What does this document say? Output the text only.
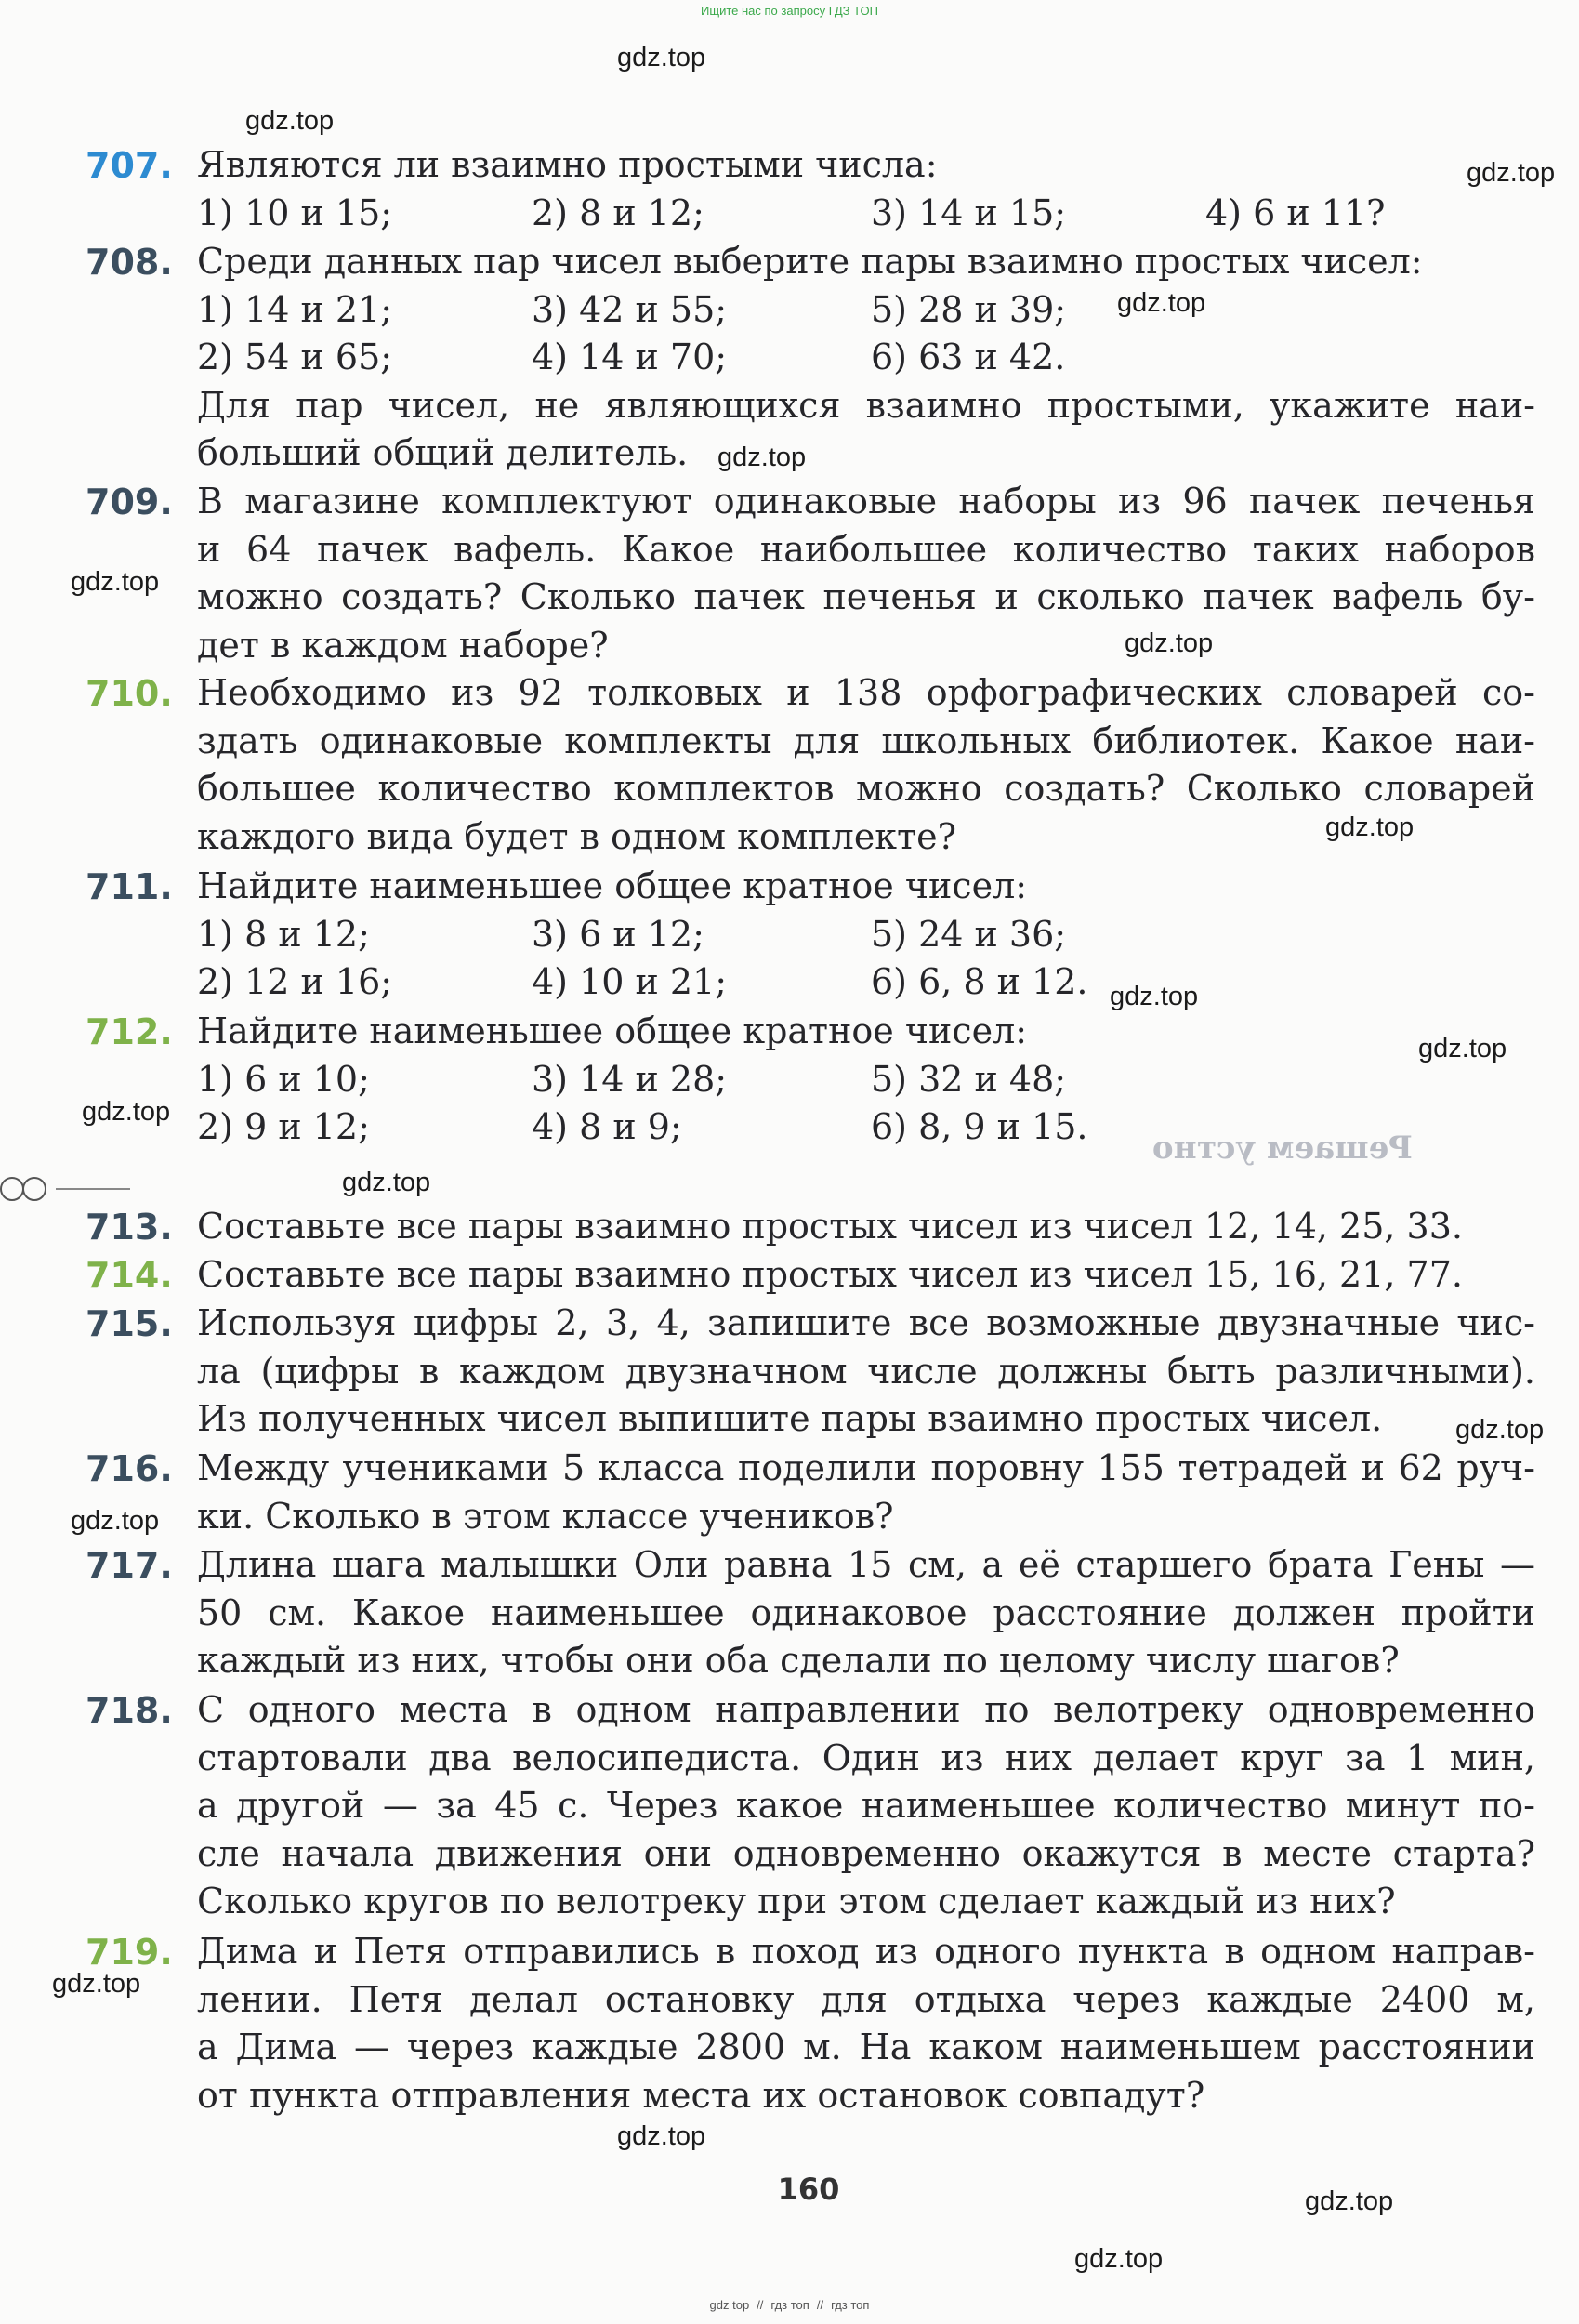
Ищите нас по запросу ГДЗ ТОП
Решаем устно
707. Являются ли взаимно простыми числа:
1) 10 и 15;	2) 8 и 12;	3) 14 и 15;	4) 6 и 11?
708. Среди данных пар чисел выберите пары взаимно простых чисел:
1) 14 и 21;	3) 42 и 55;	5) 28 и 39;
2) 54 и 65;	4) 14 и 70;	6) 63 и 42.
Для пар чисел, не являющихся взаимно простыми, укажите наи-
больший общий делитель.
709. В магазине комплектуют одинаковые наборы из 96 пачек печенья
и 64 пачек вафель. Какое наибольшее количество таких наборов
можно создать? Сколько пачек печенья и сколько пачек вафель бу-
дет в каждом наборе?
710. Необходимо из 92 толковых и 138 орфографических словарей со-
здать одинаковые комплекты для школьных библиотек. Какое наи-
большее количество комплектов можно создать? Сколько словарей
каждого вида будет в одном комплекте?
711. Найдите наименьшее общее кратное чисел:
1) 8 и 12;	3) 6 и 12;	5) 24 и 36;
2) 12 и 16;	4) 10 и 21;	6) 6, 8 и 12.
712. Найдите наименьшее общее кратное чисел:
1) 6 и 10;	3) 14 и 28;	5) 32 и 48;
2) 9 и 12;	4) 8 и 9;	6) 8, 9 и 15.
713. Составьте все пары взаимно простых чисел из чисел 12, 14, 25, 33.
714. Составьте все пары взаимно простых чисел из чисел 15, 16, 21, 77.
715. Используя цифры 2, 3, 4, запишите все возможные двузначные чис-
ла (цифры в каждом двузначном числе должны быть различными).
Из полученных чисел выпишите пары взаимно простых чисел.
716. Между учениками 5 класса поделили поровну 155 тетрадей и 62 руч-
ки. Сколько в этом классе учеников?
717. Длина шага малышки Оли равна 15 см, а её старшего брата Гены —
50 см. Какое наименьшее одинаковое расстояние должен пройти
каждый из них, чтобы они оба сделали по целому числу шагов?
718. С одного места в одном направлении по велотреку одновременно
стартовали два велосипедиста. Один из них делает круг за 1 мин,
а другой — за 45 с. Через какое наименьшее количество минут по-
сле начала движения они одновременно окажутся в месте старта?
Сколько кругов по велотреку при этом сделает каждый из них?
719. Дима и Петя отправились в поход из одного пункта в одном направ-
лении. Петя делал остановку для отдыха через каждые 2400 м,
а Дима — через каждые 2800 м. На каком наименьшем расстоянии
от пункта отправления места их остановок совпадут?
160
gdz.top
gdz.top
gdz.top
gdz.top
gdz.top
gdz.top
gdz.top
gdz.top
gdz.top
gdz.top
gdz.top
gdz.top
gdz.top
gdz.top
gdz.top
gdz.top
gdz.top
gdz.top
gdz top // гдз топ // гдз топ
